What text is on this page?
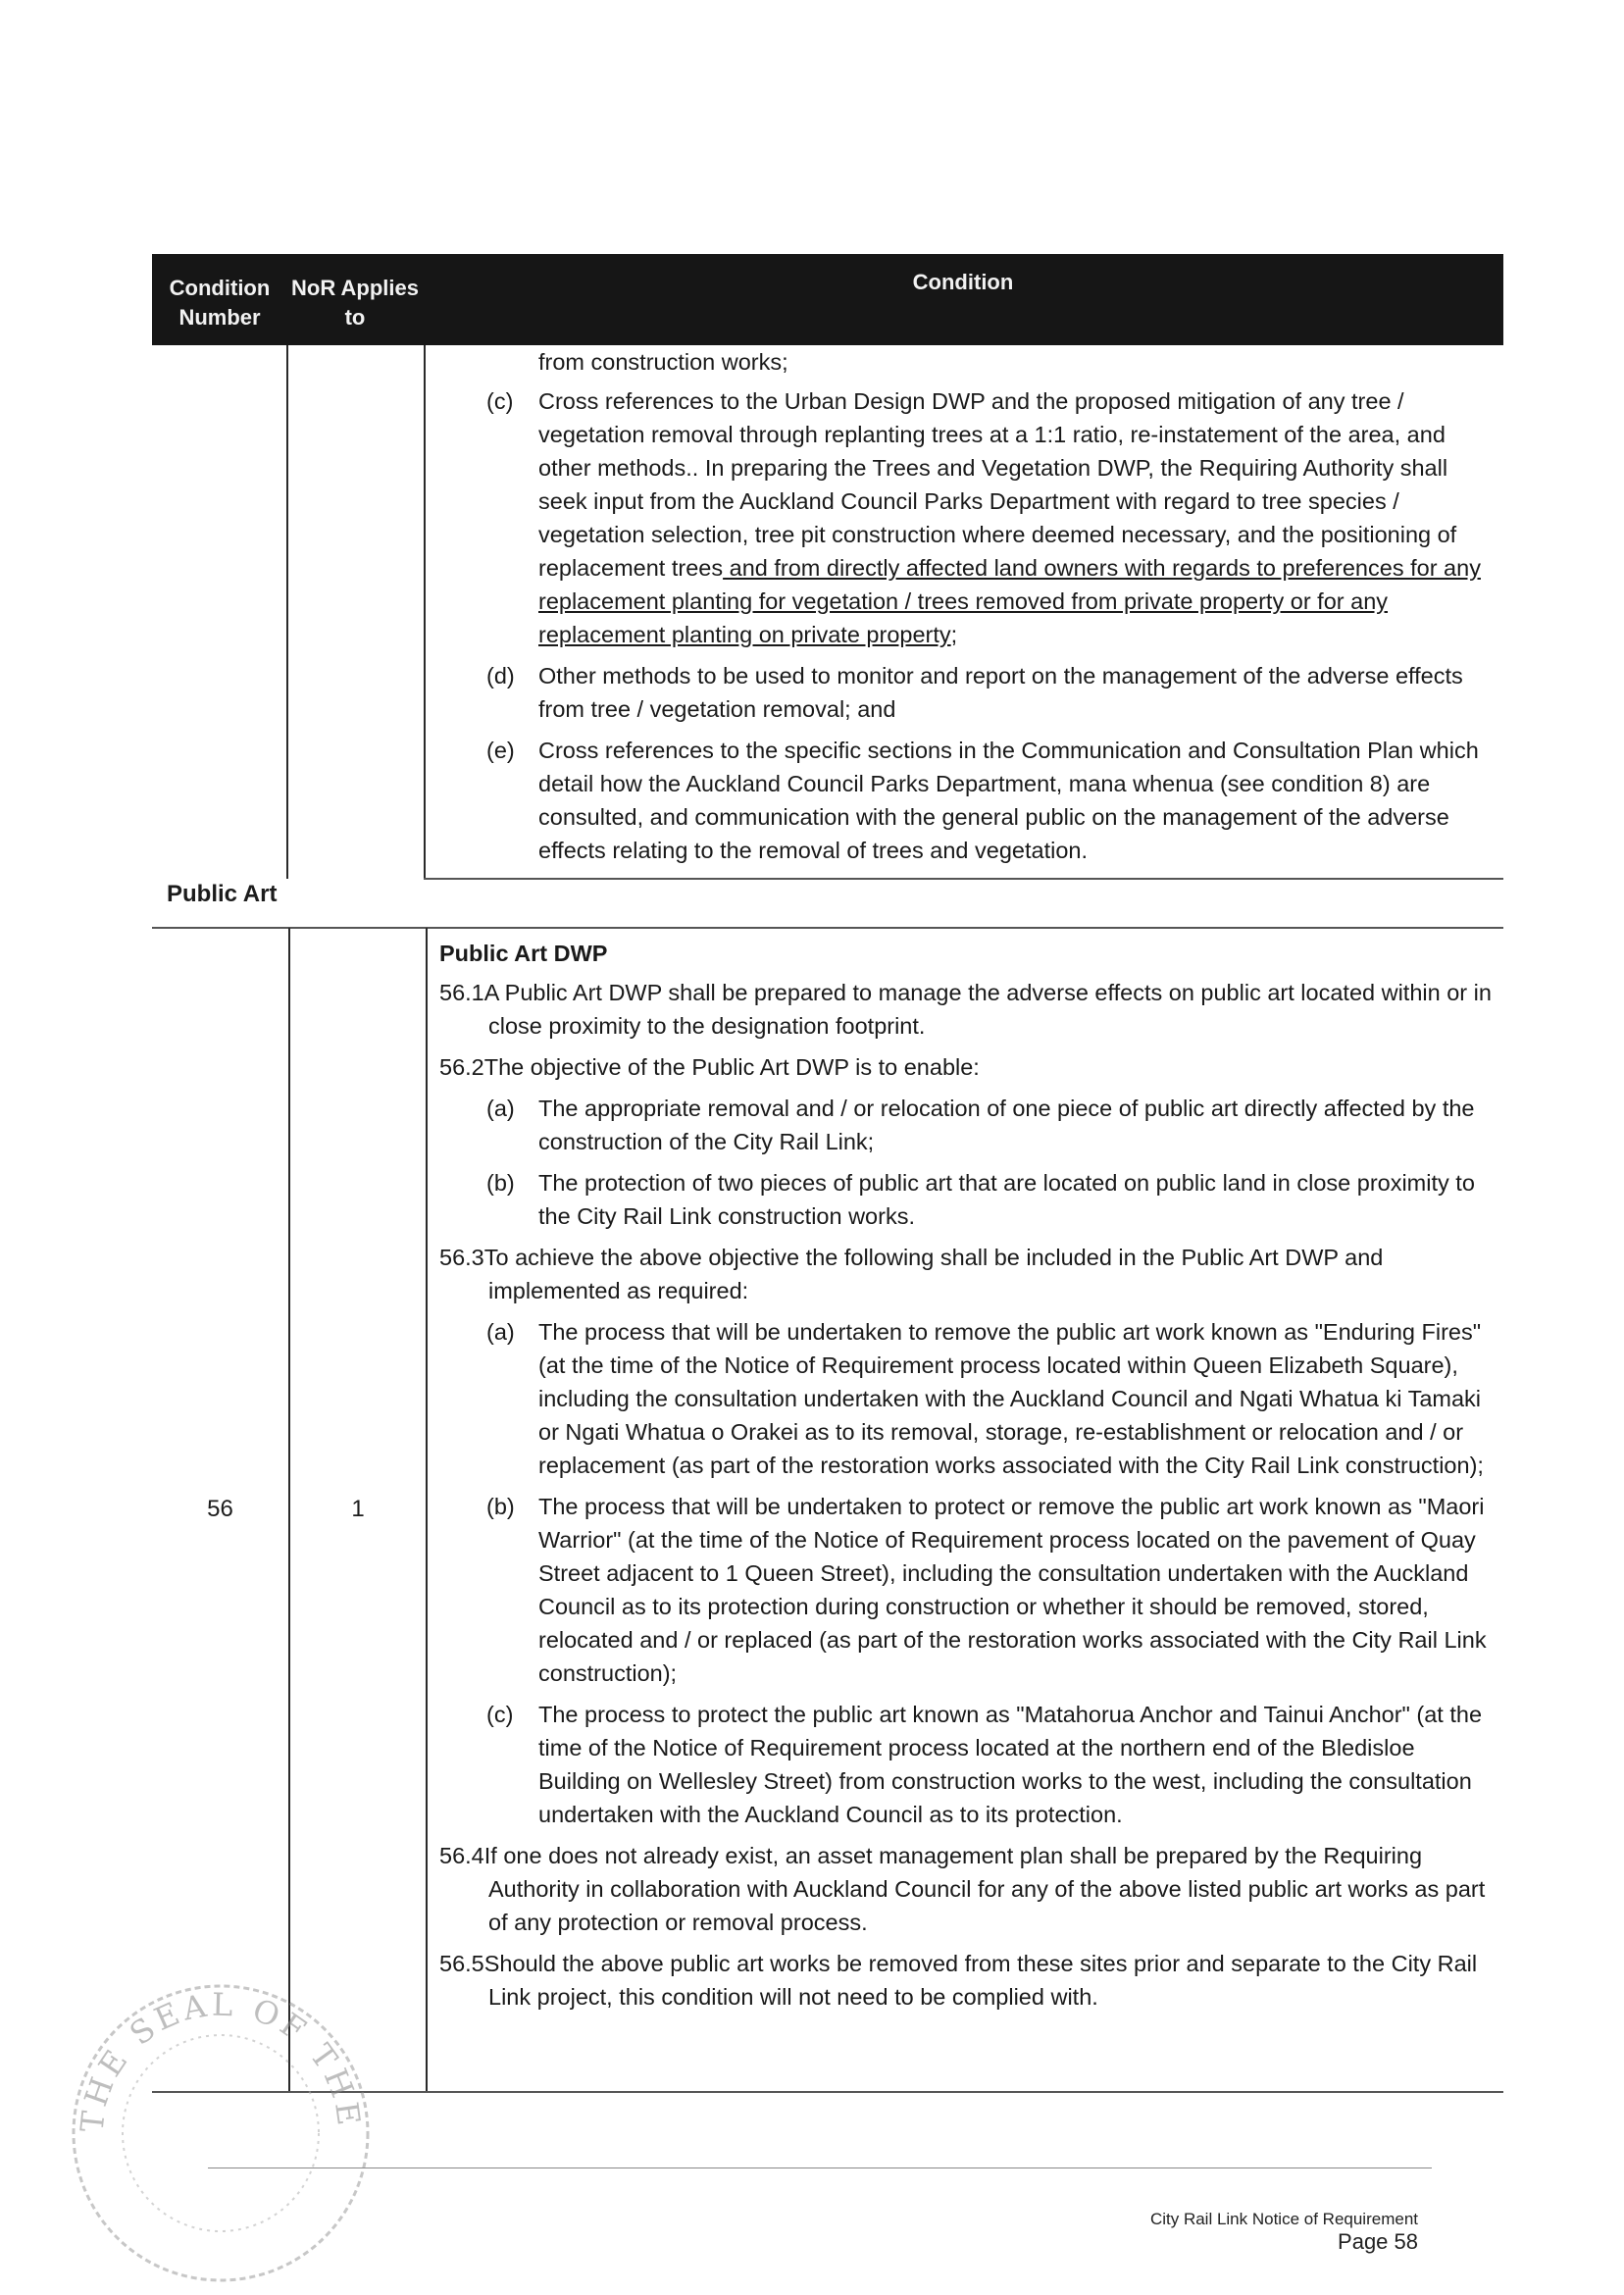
Condition Number
NoR Applies to
Condition
Public Art
from construction works;
(c) Cross references to the Urban Design DWP and the proposed mitigation of any tree / vegetation removal through replanting trees at a 1:1 ratio, re-instatement of the area, and other methods.. In preparing the Trees and Vegetation DWP, the Requiring Authority shall seek input from the Auckland Council Parks Department with regard to tree species / vegetation selection, tree pit construction where deemed necessary, and the positioning of replacement trees and from directly affected land owners with regards to preferences for any replacement planting for vegetation / trees removed from private property or for any replacement planting on private property;
(d) Other methods to be used to monitor and report on the management of the adverse effects from tree / vegetation removal; and
(e) Cross references to the specific sections in the Communication and Consultation Plan which detail how the Auckland Council Parks Department, mana whenua (see condition 8) are consulted, and communication with the general public on the management of the adverse effects relating to the removal of trees and vegetation.
56	1
Public Art DWP
56.1A Public Art DWP shall be prepared to manage the adverse effects on public art located within or in close proximity to the designation footprint.
56.2The objective of the Public Art DWP is to enable:
(a) The appropriate removal and / or relocation of one piece of public art directly affected by the construction of the City Rail Link;
(b) The protection of two pieces of public art that are located on public land in close proximity to the City Rail Link construction works.
56.3To achieve the above objective the following shall be included in the Public Art DWP and implemented as required:
(a) The process that will be undertaken to remove the public art work known as "Enduring Fires" (at the time of the Notice of Requirement process located within Queen Elizabeth Square), including the consultation undertaken with the Auckland Council and Ngati Whatua ki Tamaki or Ngati Whatua o Orakei as to its removal, storage, re-establishment or relocation and / or replacement (as part of the restoration works associated with the City Rail Link construction);
(b) The process that will be undertaken to protect or remove the public art work known as "Maori Warrior" (at the time of the Notice of Requirement process located on the pavement of Quay Street adjacent to 1 Queen Street), including the consultation undertaken with the Auckland Council as to its protection during construction or whether it should be removed, stored, relocated and / or replaced (as part of the restoration works associated with the City Rail Link construction);
(c) The process to protect the public art known as "Matahorua Anchor and Tainui Anchor" (at the time of the Notice of Requirement process located at the northern end of the Bledisloe Building on Wellesley Street) from construction works to the west, including the consultation undertaken with the Auckland Council as to its protection.
56.4If one does not already exist, an asset management plan shall be prepared by the Requiring Authority in collaboration with Auckland Council for any of the above listed public art works as part of any protection or removal process.
56.5Should the above public art works be removed from these sites prior and separate to the City Rail Link project, this condition will not need to be complied with.
THE SEAL OF THE
City Rail Link Notice of Requirement
Page 58
